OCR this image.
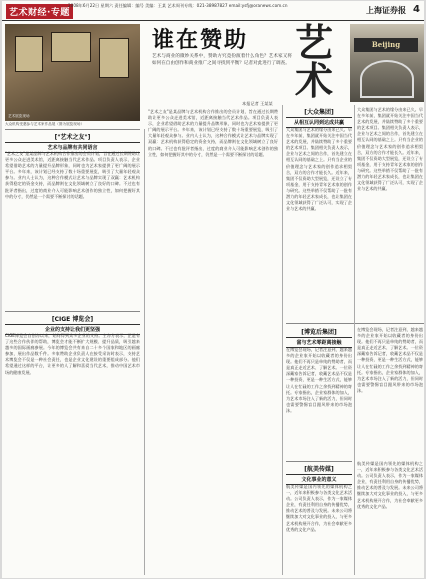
艺术财经·专题
2008年6月22日 星期六 责任编辑：编号 美编：王某 艺术周刊专线：021-38987827 email:ysfj@oranews.com.cn	上海证券报 4
艺术展览现场
大众机构受邀参与艺术家作品展（图为展览现场）
谁在赞助
艺术与商业的微妙关系中，赞助方究竟扮演着什么角色？艺术家又将如何在自由创作和商业推广之间寻找到平衡？记者对此进行了调查。 艺
术
Beijing
["艺术之友"]
艺术与品牌有共同语言
"艺术之友"是某品牌与艺术机构合作推出的会员计划，旨在通过长期赞助让更多公众走进美术馆，近距离接触当代艺术作品。项目负责人表示，企业希望借助艺术的力量提升品牌形象，同时也为艺术家提供了更广阔的展示平台。多年来，该计划已经支持了数十场重要展览，吸引了大量年轻观众参与。业内人士认为，这种合作模式让艺术与品牌实现了双赢：艺术机构获得稳定的资金支持，而品牌则在文化领域树立了良好的口碑。不过也有批评者指出，过度的商业介入可能影响艺术创作的独立性，如何把握好其中的分寸，仍然是一个需要不断探讨的话题。
[CIGE 博览会]
企业的支持让我们更坚强
CIGE博览会自创办以来，始终得到众多企业的支持。主办方表示，正是有了这些合作伙伴的帮助，博览会才能不断扩大规模、提升品质，吸引越来越多的国际画廊参展。今年的博览会共有来自二十多个国家和地区的画廊参加，展出作品数千件。多家赞助企业负责人在接受采访时表示，支持艺术博览会不仅是一种社会责任，也是企业文化建设的重要组成部分。他们希望通过这样的平台，让更多的人了解和喜爱当代艺术，推动中国艺术市场的健康发展。
"艺术之友"是某品牌与艺术机构合作推出的会员计划，旨在通过长期赞助让更多公众走进美术馆，近距离接触当代艺术作品。项目负责人表示，企业希望借助艺术的力量提升品牌形象，同时也为艺术家提供了更广阔的展示平台。多年来，该计划已经支持了数十场重要展览，吸引了大量年轻观众参与。业内人士认为，这种合作模式让艺术与品牌实现了双赢：艺术机构获得稳定的资金支持，而品牌则在文化领域树立了良好的口碑。不过也有批评者指出，过度的商业介入可能影响艺术创作的独立性，如何把握好其中的分寸，仍然是一个需要不断探讨的话题。
[大众集团]
从相互认同到达成共赢
大众集团与艺术的缘分由来已久。早在多年前，集团就开始关注中国当代艺术的发展，并陆续赞助了多个重要的艺术项目。集团相关负责人表示，企业与艺术之间的合作，首先建立在相互认同的基础之上。只有当企业的价值理念与艺术家的创作追求相契合，双方的合作才能长久。近年来，集团不仅资助大型展览，还设立了专项基金，用于支持青年艺术家的创作与研究。这些举措不仅帮助了一批有潜力的年轻艺术家成长，也让集团在文化领域获得了广泛认可，实现了企业与艺术的共赢。
大众集团与艺术的缘分由来已久。早在多年前，集团就开始关注中国当代艺术的发展，并陆续赞助了多个重要的艺术项目。集团相关负责人表示，企业与艺术之间的合作，首先建立在相互认同的基础之上。只有当企业的价值理念与艺术家的创作追求相契合，双方的合作才能长久。近年来，集团不仅资助大型展览，还设立了专项基金，用于支持青年艺术家的创作与研究。这些举措不仅帮助了一批有潜力的年轻艺术家成长，也让集团在文化领域获得了广泛认可，实现了企业与艺术的共赢。
[博览后集团]
富与艺术零距离接触
在博览会现场，记者注意到，越来越多的企业家开始以收藏者的身份出现。他们不再只是单纯的赞助者，而是真正走近艺术、了解艺术。一位资深藏家告诉记者，收藏艺术品不仅是一种投资，更是一种生活方式，能够让人在忙碌的工作之余找到精神的寄托。专家指出，企业家群体的加入，为艺术市场注入了新的活力，但同时也需要警惕盲目跟风带来的市场泡沫。
在博览会现场，记者注意到，越来越多的企业家开始以收藏者的身份出现。他们不再只是单纯的赞助者，而是真正走近艺术、了解艺术。一位资深藏家告诉记者，收藏艺术品不仅是一种投资，更是一种生活方式，能够让人在忙碌的工作之余找到精神的寄托。专家指出，企业家群体的加入，为艺术市场注入了新的活力，但同时也需要警惕盲目跟风带来的市场泡沫。
[航美传媒]
文化事业的意义
航美传媒是国内领先的媒体机构之一，近年来积极参与各类文化艺术活动。公司负责人表示，作为一家媒体企业，有责任利用自身的传播优势，推动艺术的普及与发展。未来公司将继续加大对文化事业的投入，与更多艺术机构展开合作，为社会奉献更多优秀的文化产品。
航美传媒是国内领先的媒体机构之一，近年来积极参与各类文化艺术活动。公司负责人表示，作为一家媒体企业，有责任利用自身的传播优势，推动艺术的普及与发展。未来公司将继续加大对文化事业的投入，与更多艺术机构展开合作，为社会奉献更多优秀的文化产品。
本报记者 王某某
